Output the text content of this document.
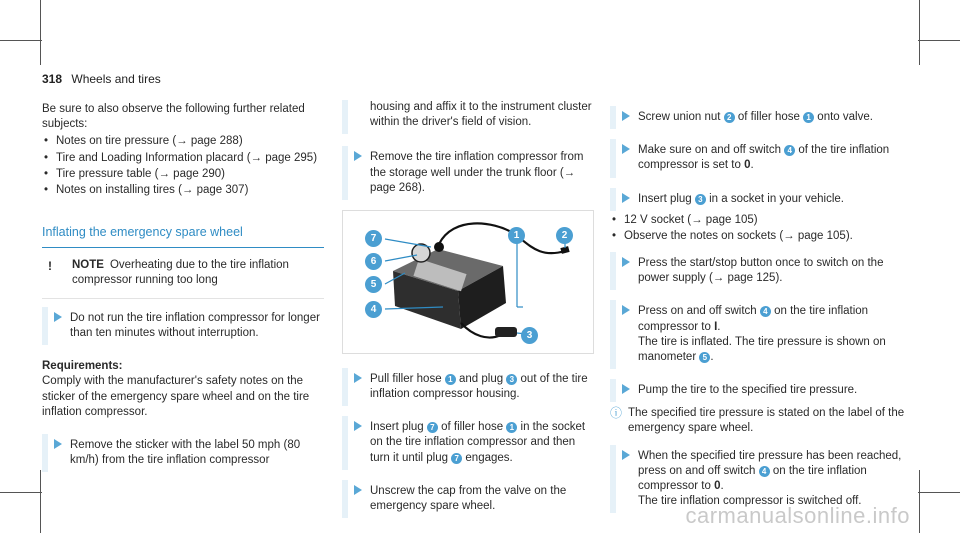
318 Wheels and tires

Be sure to also observe the following further related subjects:

• Notes on tire pressure (→ page 288)
• Tire and Loading Information placard (→ page 295)
• Tire pressure table (→ page 290)
• Notes on installing tires (→ page 307)
Inflating the emergency spare wheel
! NOTE Overheating due to the tire inflation compressor running too long
Do not run the tire inflation compressor for longer than ten minutes without interruption.
Requirements:

Comply with the manufacturer's safety notes on the sticker of the emergency spare wheel and on the tire inflation compressor.

Remove the sticker with the label 50 mph (80 km/h) from the tire inflation compressor
housing and affix it to the instrument cluster within the driver's field of vision.
Remove the tire inflation compressor from the storage well under the trunk floor (→ page 268).
7
6
5
4
3
1	2
Pull filler hose 1 and plug 3 out of the tire inflation compressor housing.
Insert plug 7 of filler hose 1 in the socket on the tire inflation compressor and then turn it until plug 7 engages.
Unscrew the cap from the valve on the emergency spare wheel.
Screw union nut 2 of filler hose 1 onto valve.
Make sure on and off switch 4 of the tire inflation compressor is set to 0.
Insert plug 3 in a socket in your vehicle.
• 12 V socket (→ page 105)
• Observe the notes on sockets (→ page 105).
Press the start/stop button once to switch on the power supply (→ page 125).
Press on and off switch 4 on the tire inflation compressor to I.
The tire is inflated. The tire pressure is shown on manometer 5 .
Pump the tire to the specified tire pressure.
ⓘ The specified tire pressure is stated on the label of the emergency spare wheel.
When the specified tire pressure has been reached, press on and off switch 4 on the tire inflation compressor to 0.
The tire inflation compressor is switched off.
carmanualsonline.info
